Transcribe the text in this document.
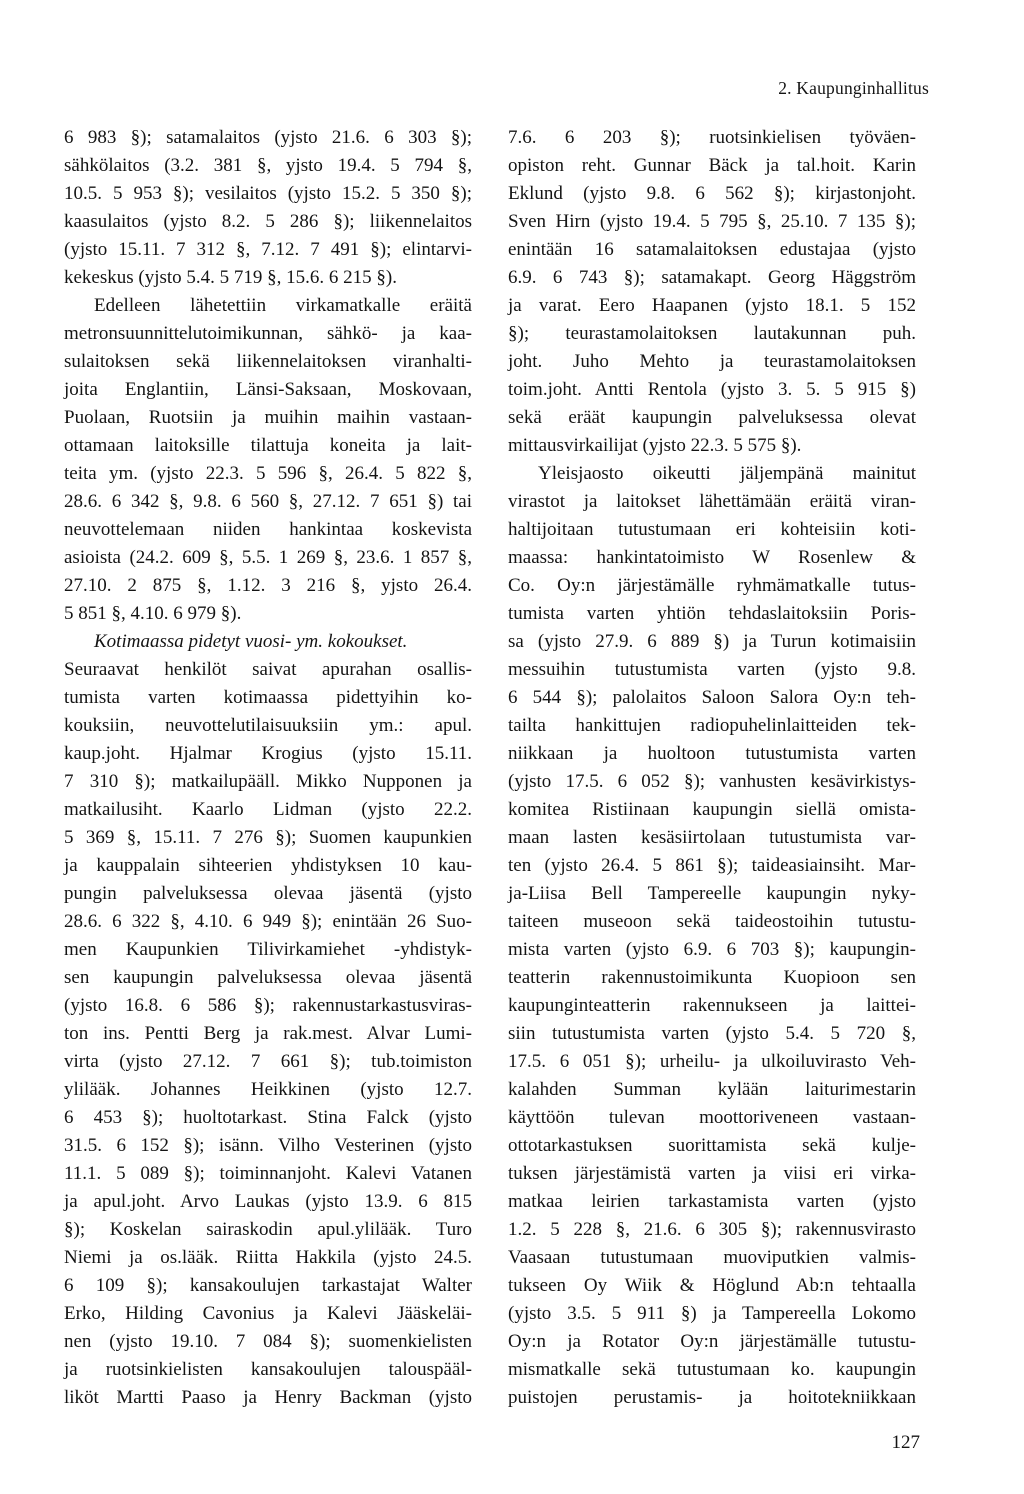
2. Kaupunginhallitus
6 983 §); satamalaitos (yjsto 21.6. 6 303 §);
sähkölaitos (3.2. 381 §, yjsto 19.4. 5 794 §,
10.5. 5 953 §); vesilaitos (yjsto 15.2. 5 350 §);
kaasulaitos (yjsto 8.2. 5 286 §); liikennelaitos
(yjsto 15.11. 7 312 §, 7.12. 7 491 §); elintarvi-
kekeskus (yjsto 5.4. 5 719 §, 15.6. 6 215 §).
Edelleen lähetettiin virkamatkalle eräitä
metronsuunnittelutoimikunnan, sähkö- ja kaa-
sulaitoksen sekä liikennelaitoksen viranhalti-
joita Englantiin, Länsi-Saksaan, Moskovaan,
Puolaan, Ruotsiin ja muihin maihin vastaan-
ottamaan laitoksille tilattuja koneita ja lait-
teita ym. (yjsto 22.3. 5 596 §, 26.4. 5 822 §,
28.6. 6 342 §, 9.8. 6 560 §, 27.12. 7 651 §) tai
neuvottelemaan niiden hankintaa koskevista
asioista (24.2. 609 §, 5.5. 1 269 §, 23.6. 1 857 §,
27.10. 2 875 §, 1.12. 3 216 §, yjsto 26.4.
5 851 §, 4.10. 6 979 §).
Kotimaassa pidetyt vuosi- ym. kokoukset.
Seuraavat henkilöt saivat apurahan osallis-
tumista varten kotimaassa pidettyihin ko-
kouksiin, neuvottelutilaisuuksiin ym.: apul.
kaup.joht. Hjalmar Krogius (yjsto 15.11.
7 310 §); matkailupääll. Mikko Nupponen ja
matkailusiht. Kaarlo Lidman (yjsto 22.2.
5 369 §, 15.11. 7 276 §); Suomen kaupunkien
ja kauppalain sihteerien yhdistyksen 10 kau-
pungin palveluksessa olevaa jäsentä (yjsto
28.6. 6 322 §, 4.10. 6 949 §); enintään 26 Suo-
men Kaupunkien Tilivirkamiehet -yhdistyk-
sen kaupungin palveluksessa olevaa jäsentä
(yjsto 16.8. 6 586 §); rakennustarkastusviras-
ton ins. Pentti Berg ja rak.mest. Alvar Lumi-
virta (yjsto 27.12. 7 661 §); tub.toimiston
ylilääk. Johannes Heikkinen (yjsto 12.7.
6 453 §); huoltotarkast. Stina Falck (yjsto
31.5. 6 152 §); isänn. Vilho Vesterinen (yjsto
11.1. 5 089 §); toiminnanjoht. Kalevi Vatanen
ja apul.joht. Arvo Laukas (yjsto 13.9. 6 815
§); Koskelan sairaskodin apul.ylilääk. Turo
Niemi ja os.lääk. Riitta Hakkila (yjsto 24.5.
6 109 §); kansakoulujen tarkastajat Walter
Erko, Hilding Cavonius ja Kalevi Jääskeläi-
nen (yjsto 19.10. 7 084 §); suomenkielisten
ja ruotsinkielisten kansakoulujen talouspääl-
liköt Martti Paaso ja Henry Backman (yjsto
7.6. 6 203 §); ruotsinkielisen työväen-
opiston reht. Gunnar Bäck ja tal.hoit. Karin
Eklund (yjsto 9.8. 6 562 §); kirjastonjoht.
Sven Hirn (yjsto 19.4. 5 795 §, 25.10. 7 135 §);
enintään 16 satamalaitoksen edustajaa (yjsto
6.9. 6 743 §); satamakapt. Georg Häggström
ja varat. Eero Haapanen (yjsto 18.1. 5 152
§); teurastamolaitoksen lautakunnan puh.
joht. Juho Mehto ja teurastamolaitoksen
toim.joht. Antti Rentola (yjsto 3. 5. 5 915 §)
sekä eräät kaupungin palveluksessa olevat
mittausvirkailijat (yjsto 22.3. 5 575 §).
Yleisjaosto oikeutti jäljempänä mainitut
virastot ja laitokset lähettämään eräitä viran-
haltijoitaan tutustumaan eri kohteisiin koti-
maassa: hankintatoimisto W Rosenlew &
Co. Oy:n järjestämälle ryhmämatkalle tutus-
tumista varten yhtiön tehdaslaitoksiin Poris-
sa (yjsto 27.9. 6 889 §) ja Turun kotimaisiin
messuihin tutustumista varten (yjsto 9.8.
6 544 §); palolaitos Saloon Salora Oy:n teh-
tailta hankittujen radiopuhelinlaitteiden tek-
niikkaan ja huoltoon tutustumista varten
(yjsto 17.5. 6 052 §); vanhusten kesävirkistys-
komitea Ristiinaan kaupungin siellä omista-
maan lasten kesäsiirtolaan tutustumista var-
ten (yjsto 26.4. 5 861 §); taideasiainsiht. Mar-
ja-Liisa Bell Tampereelle kaupungin nyky-
taiteen museoon sekä taideostoihin tutustu-
mista varten (yjsto 6.9. 6 703 §); kaupungin-
teatterin rakennustoimikunta Kuopioon sen
kaupunginteatterin rakennukseen ja laittei-
siin tutustumista varten (yjsto 5.4. 5 720 §,
17.5. 6 051 §); urheilu- ja ulkoiluvirasto Veh-
kalahden Summan kylään laiturimestarin
käyttöön tulevan moottoriveneen vastaan-
ottotarkastuksen suorittamista sekä kulje-
tuksen järjestämistä varten ja viisi eri virka-
matkaa leirien tarkastamista varten (yjsto
1.2. 5 228 §, 21.6. 6 305 §); rakennusvirasto
Vaasaan tutustumaan muoviputkien valmis-
tukseen Oy Wiik & Höglund Ab:n tehtaalla
(yjsto 3.5. 5 911 §) ja Tampereella Lokomo
Oy:n ja Rotator Oy:n järjestämälle tutustu-
mismatkalle sekä tutustumaan ko. kaupungin
puistojen perustamis- ja hoitotekniikkaan
127
